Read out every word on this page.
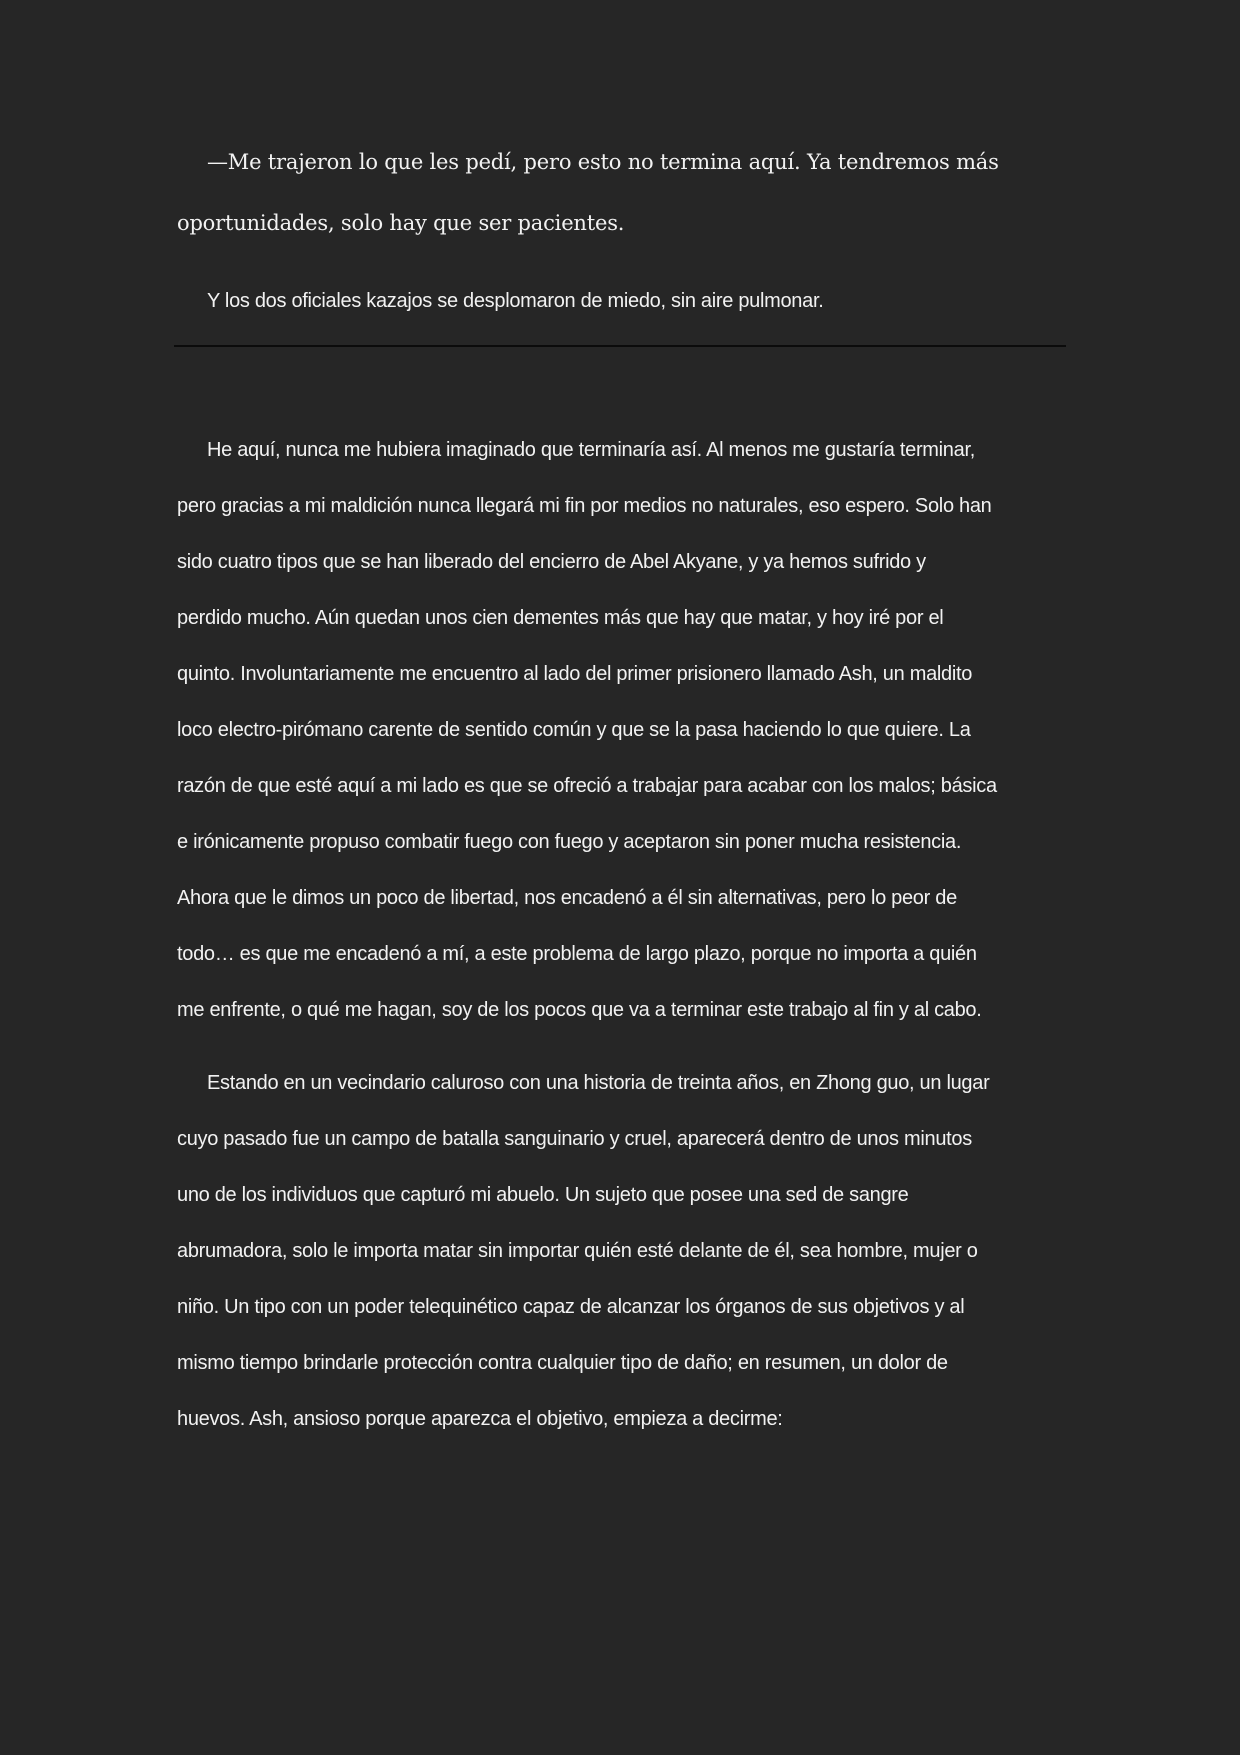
—Me trajeron lo que les pedí, pero esto no termina aquí. Ya tendremos más
oportunidades, solo hay que ser pacientes.
Y los dos oficiales kazajos se desplomaron de miedo, sin aire pulmonar.
He aquí, nunca me hubiera imaginado que terminaría así. Al menos me gustaría terminar,
pero gracias a mi maldición nunca llegará mi fin por medios no naturales, eso espero. Solo han
sido cuatro tipos que se han liberado del encierro de Abel Akyane, y ya hemos sufrido y
perdido mucho. Aún quedan unos cien dementes más que hay que matar, y hoy iré por el
quinto. Involuntariamente me encuentro al lado del primer prisionero llamado Ash, un maldito
loco electro-pirómano carente de sentido común y que se la pasa haciendo lo que quiere. La
razón de que esté aquí a mi lado es que se ofreció a trabajar para acabar con los malos; básica
e irónicamente propuso combatir fuego con fuego y aceptaron sin poner mucha resistencia.
Ahora que le dimos un poco de libertad, nos encadenó a él sin alternativas, pero lo peor de
todo… es que me encadenó a mí, a este problema de largo plazo, porque no importa a quién
me enfrente, o qué me hagan, soy de los pocos que va a terminar este trabajo al fin y al cabo.
Estando en un vecindario caluroso con una historia de treinta años, en Zhong guo, un lugar
cuyo pasado fue un campo de batalla sanguinario y cruel, aparecerá dentro de unos minutos
uno de los individuos que capturó mi abuelo. Un sujeto que posee una sed de sangre
abrumadora, solo le importa matar sin importar quién esté delante de él, sea hombre, mujer o
niño. Un tipo con un poder telequinético capaz de alcanzar los órganos de sus objetivos y al
mismo tiempo brindarle protección contra cualquier tipo de daño; en resumen, un dolor de
huevos. Ash, ansioso porque aparezca el objetivo, empieza a decirme:
